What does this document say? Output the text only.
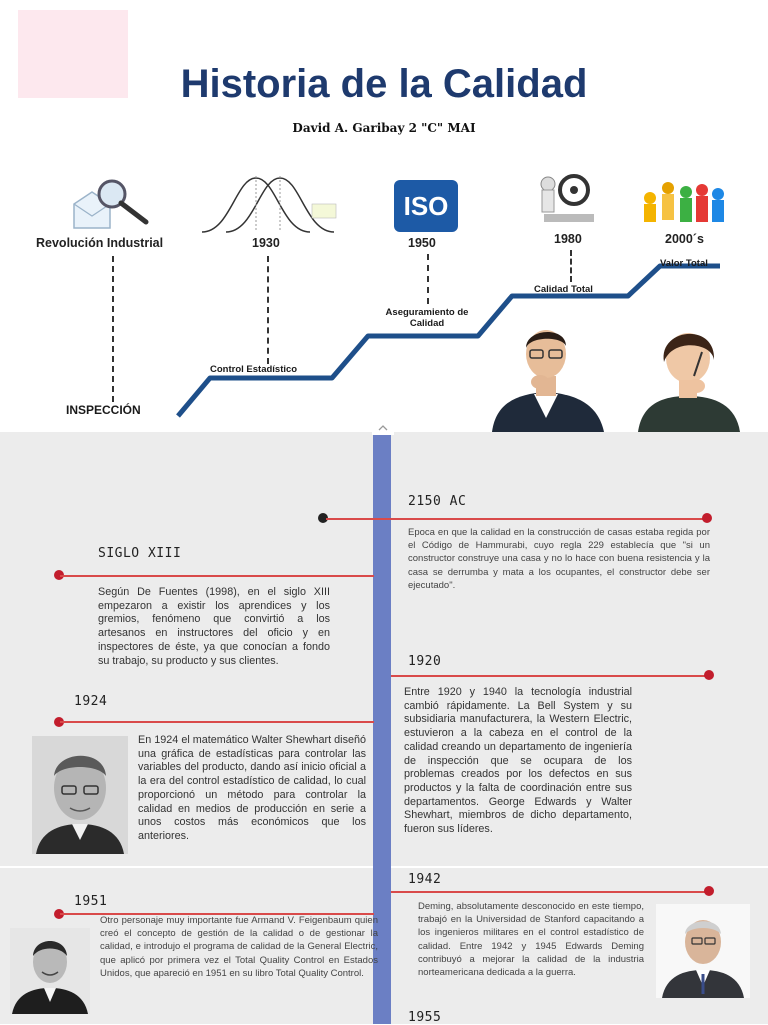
Historia de la Calidad
David A. Garibay 2 "C" MAI
ISO
Revolución Industrial	1930	1950	1980	2000´s
INSPECCIÓN
Control Estadístico
Aseguramiento de Calidad
Calidad Total
Valor Total
2150 AC
Epoca en que la calidad en la construcción de casas estaba regida por el Código de Hammurabi, cuyo regla 229 establecía que "si un constructor construye una casa y no lo hace con buena resistencia y la casa se derrumba y mata a los ocupantes, el constructor debe ser ejecutado".
SIGLO XIII
Según De Fuentes (1998), en el siglo XIII empezaron a existir los aprendices y los gremios, fenómeno que convirtió a los artesanos en instructores del oficio y en inspectores de éste, ya que conocían a fondo su trabajo, su producto y sus clientes.	1920
Entre 1920 y 1940 la tecnología industrial cambió rápidamente. La Bell System y su subsidiaria manufacturera, la Western Electric, estuvieron a la cabeza en el control de la calidad creando un departamento de ingeniería de inspección que se ocupara de los problemas creados por los defectos en sus productos y la falta de coordinación entre sus departamentos. George Edwards y Walter Shewhart, miembros de dicho departamento, fueron sus líderes.
1924
En 1924 el matemático Walter Shewhart diseñó una gráfica de estadísticas para controlar las variables del producto, dando así inicio oficial a la era del control estadístico de calidad, lo cual proporcionó un método para controlar la calidad en medios de producción en serie a unos costos más económicos que los anteriores.
1942
Deming, absolutamente desconocido en este tiempo, trabajó en la Universidad de Stanford capacitando a los ingenieros militares en el control estadístico de calidad. Entre 1942 y 1945 Edwards Deming contribuyó a mejorar la calidad de la industria norteamericana dedicada a la guerra.
1951
Otro personaje muy importante fue Armand V. Feigenbaum quien creó el concepto de gestión de la calidad o de gestionar la calidad, e introdujo el programa de calidad de la General Electric, que aplicó por primera vez el Total Quality Control en Estados Unidos, que apareció en 1951 en su libro Total Quality Control.
1955
